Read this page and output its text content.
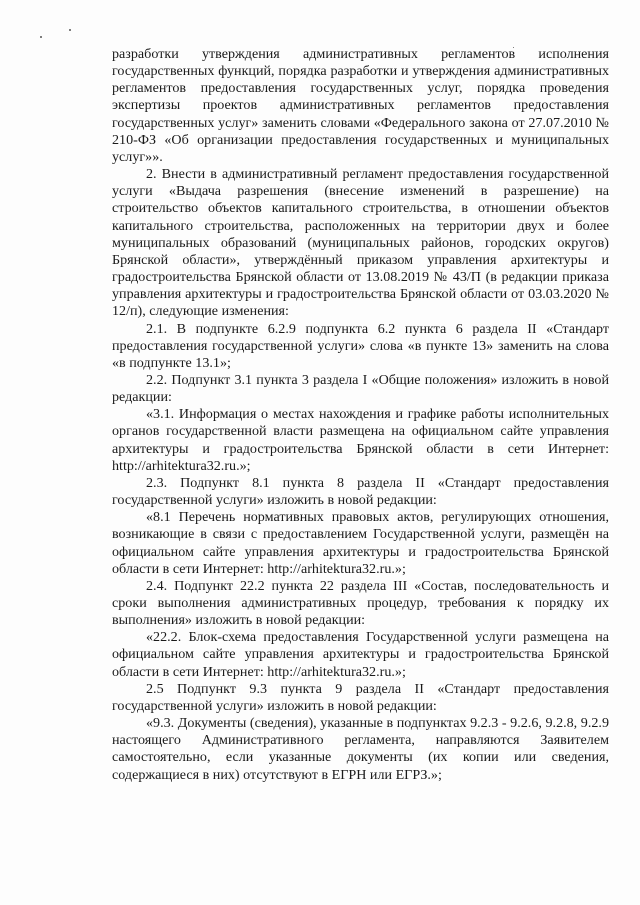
разработки утверждения административных регламентов исполнения государственных функций, порядка разработки и утверждения административных регламентов предоставления государственных услуг, порядка проведения экспертизы проектов административных регламентов предоставления государственных услуг» заменить словами «Федерального закона от 27.07.2010 № 210-ФЗ «Об организации предоставления государственных и муниципальных услуг»».

2. Внести в административный регламент предоставления государственной услуги «Выдача разрешения (внесение изменений в разрешение) на строительство объектов капитального строительства, в отношении объектов капитального строительства, расположенных на территории двух и более муниципальных образований (муниципальных районов, городских округов) Брянской области», утверждённый приказом управления архитектуры и градостроительства Брянской области от 13.08.2019 № 43/П (в редакции приказа управления архитектуры и градостроительства Брянской области от 03.03.2020 № 12/п), следующие изменения:

2.1. В подпункте 6.2.9 подпункта 6.2 пункта 6 раздела II «Стандарт предоставления государственной услуги» слова «в пункте 13» заменить на слова «в подпункте 13.1»;

2.2. Подпункт 3.1 пункта 3 раздела I «Общие положения» изложить в новой редакции:

«3.1. Информация о местах нахождения и графике работы исполнительных органов государственной власти размещена на официальном сайте управления архитектуры и градостроительства Брянской области в сети Интернет: http://arhitektura32.ru.»;

2.3. Подпункт 8.1 пункта 8 раздела II «Стандарт предоставления государственной услуги» изложить в новой редакции:

«8.1 Перечень нормативных правовых актов, регулирующих отношения, возникающие в связи с предоставлением Государственной услуги, размещён на официальном сайте управления архитектуры и градостроительства Брянской области в сети Интернет: http://arhitektura32.ru.»;

2.4. Подпункт 22.2 пункта 22 раздела III «Состав, последовательность и сроки выполнения административных процедур, требования к порядку их выполнения» изложить в новой редакции:

«22.2. Блок-схема предоставления Государственной услуги размещена на официальном сайте управления архитектуры и градостроительства Брянской области в сети Интернет: http://arhitektura32.ru.»;

2.5 Подпункт 9.3 пункта 9 раздела II «Стандарт предоставления государственной услуги» изложить в новой редакции:

«9.3. Документы (сведения), указанные в подпунктах 9.2.3 - 9.2.6, 9.2.8, 9.2.9 настоящего Административного регламента, направляются Заявителем самостоятельно, если указанные документы (их копии или сведения, содержащиеся в них) отсутствуют в ЕГРН или ЕГРЗ.»;
